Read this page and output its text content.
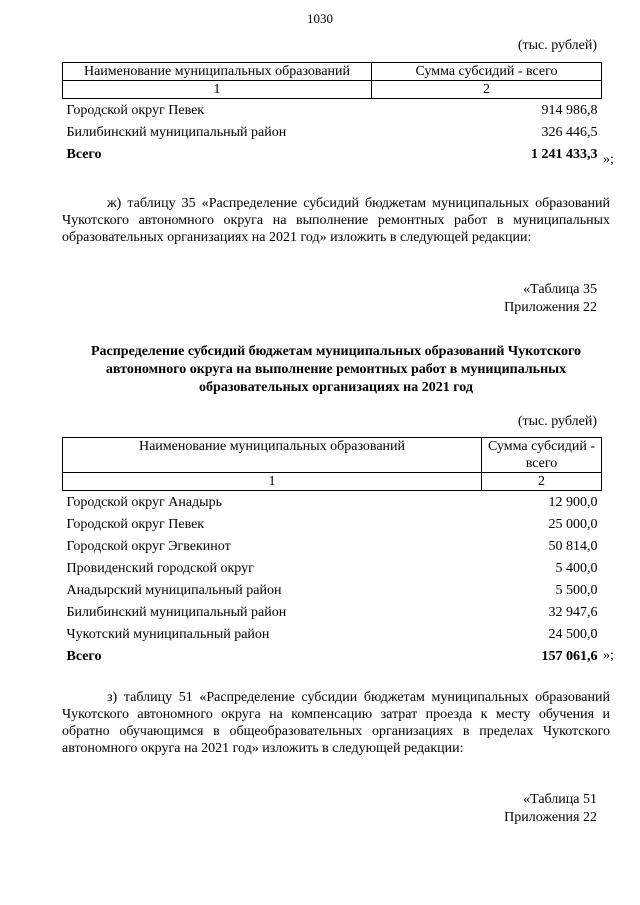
1030
(тыс. рублей)
Наименование муниципальных образований	Сумма субсидий - всего
1	2
Городской округ Певек	914 986,8
Билибинский муниципальный район	326 446,5
Всего	1 241 433,3 »;
ж) таблицу 35 «Распределение субсидий бюджетам муниципальных образований Чукотского автономного округа на выполнение ремонтных работ в муниципальных образовательных организациях на 2021 год» изложить в следующей редакции:
«Таблица 35
Приложения 22
Распределение субсидий бюджетам муниципальных образований Чукотского автономного округа на выполнение ремонтных работ в муниципальных образовательных организациях на 2021 год
(тыс. рублей)
Наименование муниципальных образований	Сумма субсидий - всего
1	2
Городской округ Анадырь	12 900,0
Городской округ Певек	25 000,0
Городской округ Эгвекинот	50 814,0
Провиденский городской округ	5 400,0
Анадырский муниципальный район	5 500,0
Билибинский муниципальный район	32 947,6
Чукотский муниципальный район	24 500,0
Всего	157 061,6 »;
з) таблицу 51 «Распределение субсидии бюджетам муниципальных образований Чукотского автономного округа на компенсацию затрат проезда к месту обучения и обратно обучающимся в общеобразовательных организациях в пределах Чукотского автономного округа на 2021 год» изложить в следующей редакции:
«Таблица 51
Приложения 22
